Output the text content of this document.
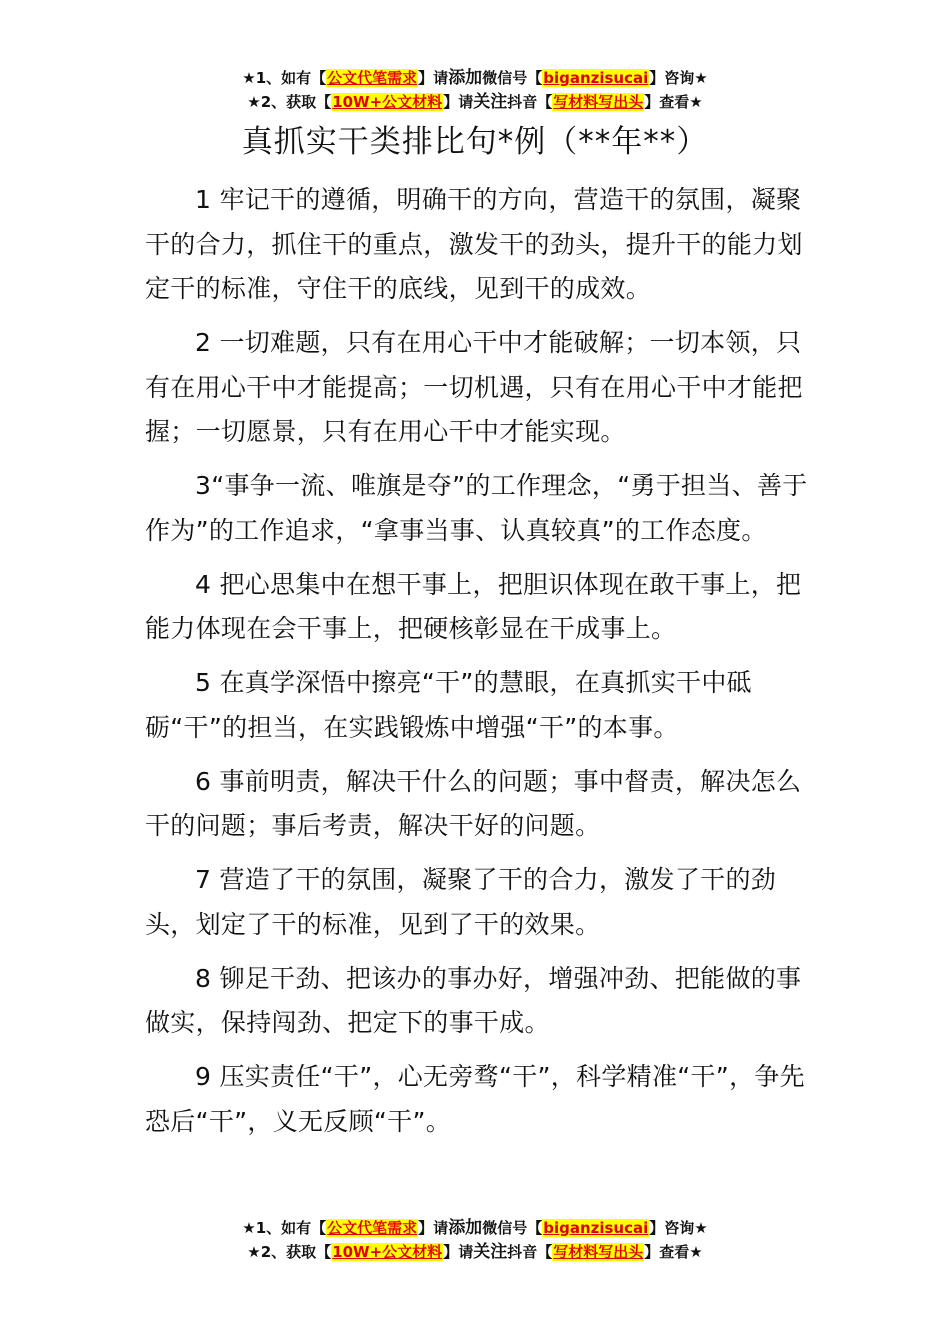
★1、如有【公文代笔需求】请添加微信号【biganzisucai】咨询★
★2、获取【10W+公文材料】请关注抖音【写材料写出头】查看★
真抓实干类排比句*例（**年**）

1 牢记干的遵循，明确干的方向，营造干的氛围，凝聚干的合力，抓住干的重点，激发干的劲头，提升干的能力划定干的标准，守住干的底线，见到干的成效。

2 一切难题，只有在用心干中才能破解；一切本领，只有在用心干中才能提高；一切机遇，只有在用心干中才能把握；一切愿景，只有在用心干中才能实现。

3“事争一流、唯旗是夺”的工作理念，“勇于担当、善于作为”的工作追求，“拿事当事、认真较真”的工作态度。

4 把心思集中在想干事上，把胆识体现在敢干事上，把能力体现在会干事上，把硬核彰显在干成事上。

5 在真学深悟中擦亮“干”的慧眼，在真抓实干中砥砺“干”的担当，在实践锻炼中增强“干”的本事。

6 事前明责，解决干什么的问题；事中督责，解决怎么干的问题；事后考责，解决干好的问题。

7 营造了干的氛围，凝聚了干的合力，激发了干的劲头，划定了干的标准，见到了干的效果。

8 铆足干劲、把该办的事办好，增强冲劲、把能做的事做实，保持闯劲、把定下的事干成。

9 压实责任“干”，心无旁骛“干”，科学精准“干”，争先恐后“干”，义无反顾“干”。

★1、如有【公文代笔需求】请添加微信号【biganzisucai】咨询★
★2、获取【10W+公文材料】请关注抖音【写材料写出头】查看★
